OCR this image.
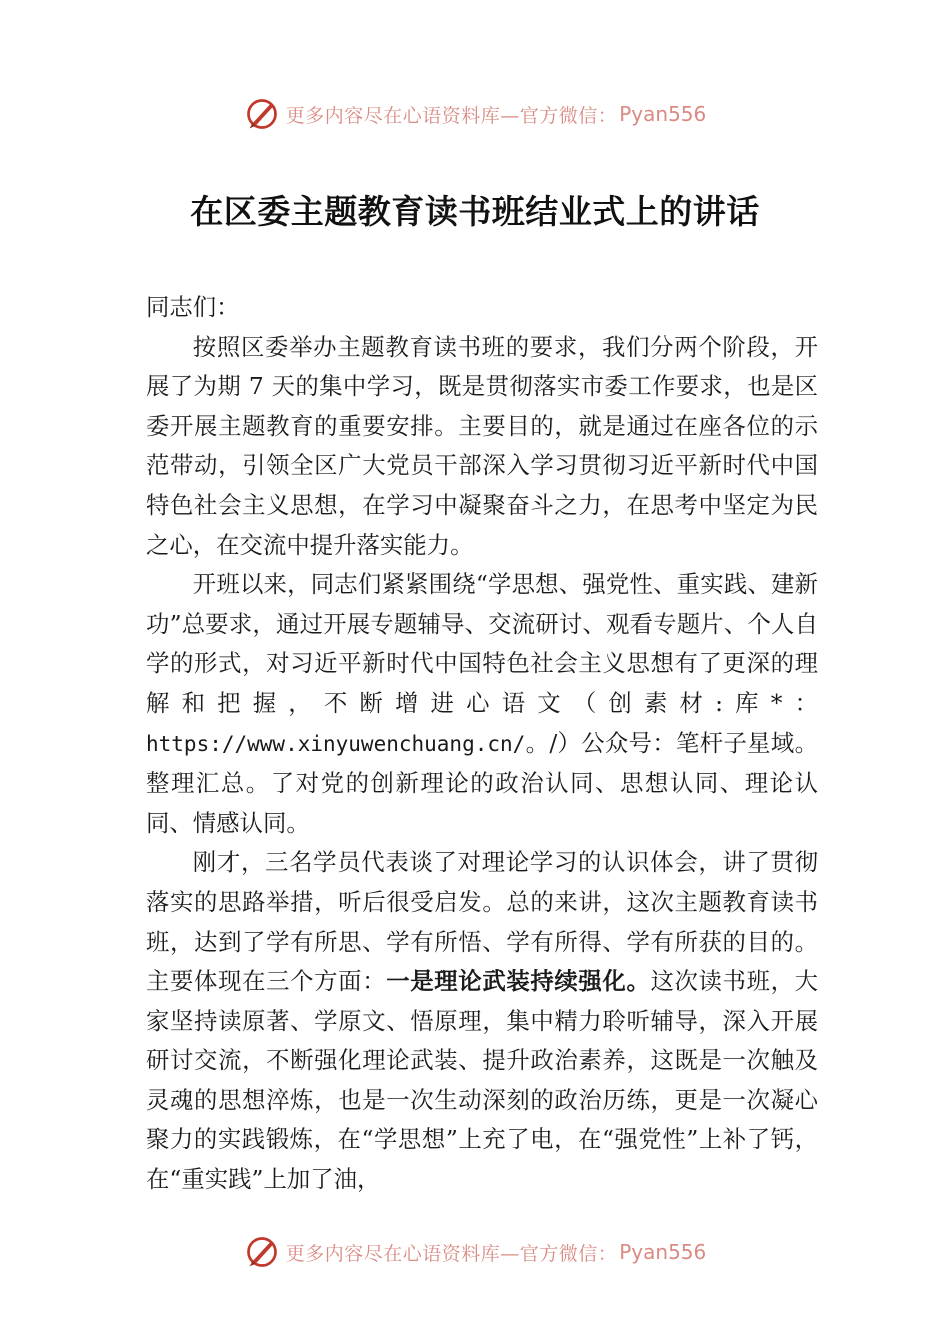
更多内容尽在心语资料库—官方微信： Pyan556
在区委主题教育读书班结业式上的讲话

同志们：

按照区委举办主题教育读书班的要求，我们分两个阶段，开展了为期 7 天的集中学习，既是贯彻落实市委工作要求，也是区委开展主题教育的重要安排。主要目的，就是通过在座各位的示范带动，引领全区广大党员干部深入学习贯彻习近平新时代中国特色社会主义思想，在学习中凝聚奋斗之力，在思考中坚定为民之心，在交流中提升落实能力。

开班以来，同志们紧紧围绕“学思想、强党性、重实践、建新功”总要求，通过开展专题辅导、交流研讨、观看专题片、个人自学的形式，对习近平新时代中国特色社会主义思想有了更深的理解和把握，不断增进心语文（创素材:库*：https://www.xinyuwenchuang.cn/。/）公众号：笔杆子星域。整理汇总。了对党的创新理论的政治认同、思想认同、理论认同、情感认同。

刚才，三名学员代表谈了对理论学习的认识体会，讲了贯彻落实的思路举措，听后很受启发。总的来讲，这次主题教育读书班，达到了学有所思、学有所悟、学有所得、学有所获的目的。主要体现在三个方面：一是理论武装持续强化。这次读书班，大家坚持读原著、学原文、悟原理，集中精力聆听辅导，深入开展研讨交流，不断强化理论武装、提升政治素养，这既是一次触及灵魂的思想淬炼，也是一次生动深刻的政治历练，更是一次凝心聚力的实践锻炼，在“学思想”上充了电，在“强党性”上补了钙，在“重实践”上加了油，

更多内容尽在心语资料库—官方微信： Pyan556
